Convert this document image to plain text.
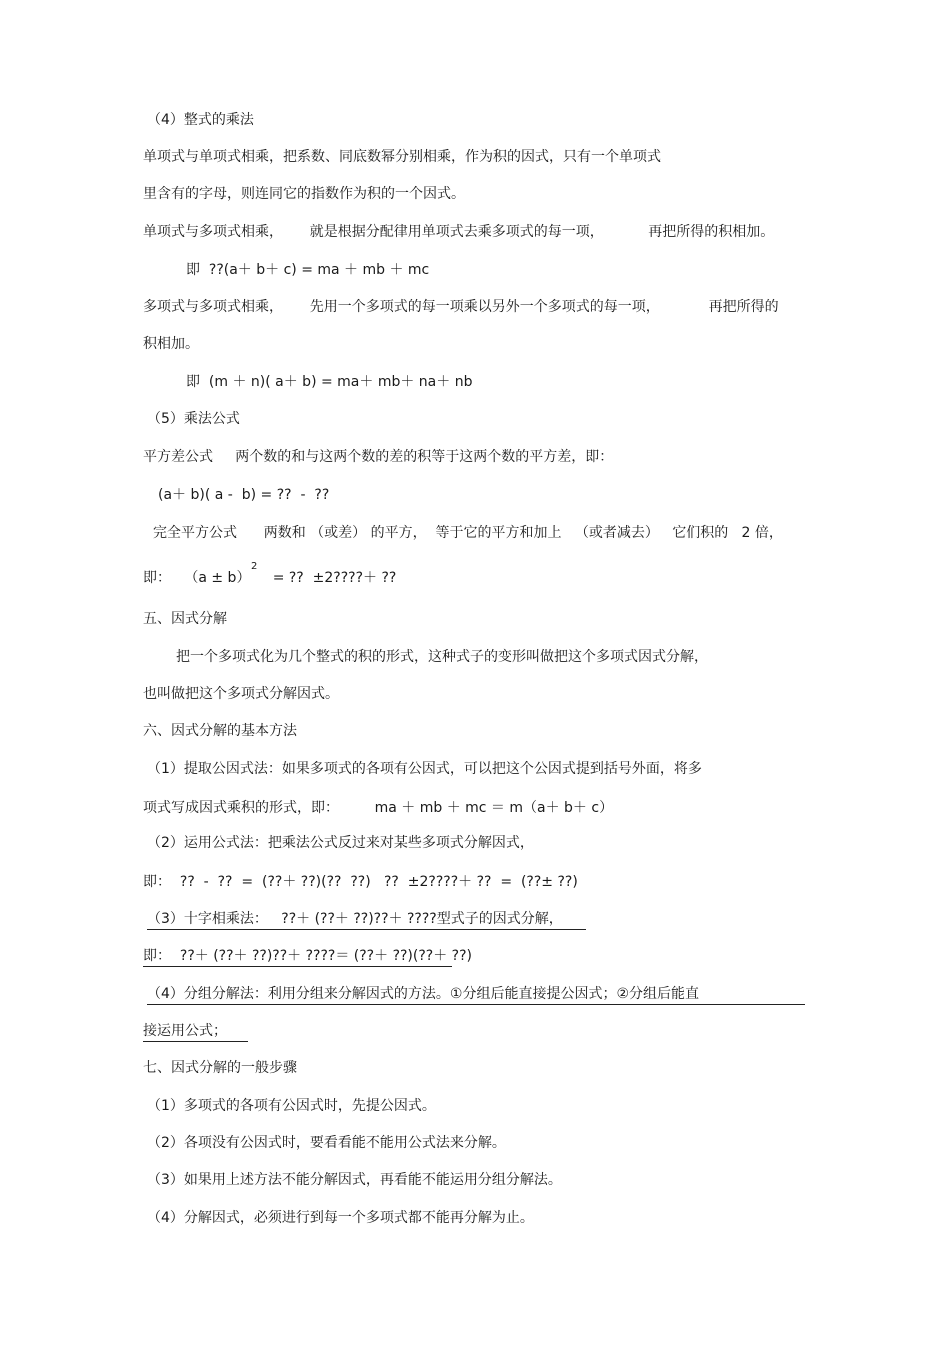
（4）整式的乘法
单项式与单项式相乘，把系数、同底数幂分别相乘，作为积的因式，只有一个单项式
里含有的字母，则连同它的指数作为积的一个因式。
单项式与多项式相乘，      就是根据分配律用单项式去乘多项式的每一项，          再把所得的积相加。
即  ??(a＋ b＋ c) = ma ＋ mb ＋ mc
多项式与多项式相乘，      先用一个多项式的每一项乘以另外一个多项式的每一项，           再把所得的
积相加。
即  (m ＋ n)( a＋ b) = ma＋ mb＋ na＋ nb
（5）乘法公式
平方差公式     两个数的和与这两个数的差的积等于这两个数的平方差，即：
(a＋ b)( a -  b) = ??  -  ??
完全平方公式      两数和 （或差） 的平方，  等于它的平方和加上   （或者减去）   它们积的   2 倍，
即：   （a ± b）     = ??  ±2????＋ ??
2
五、因式分解
把一个多项式化为几个整式的积的形式，这种式子的变形叫做把这个多项式因式分解，
也叫做把这个多项式分解因式。
六、因式分解的基本方法
（1）提取公因式法：如果多项式的各项有公因式，可以把这个公因式提到括号外面，将多
项式写成因式乘积的形式，即：        ma ＋ mb ＋ mc ＝ m（a＋ b＋ c）
（2）运用公式法：把乘法公式反过来对某些多项式分解因式，
即：  ??  -  ??  =  (??＋ ??)(??  ??)   ??  ±2????＋ ??  =  (??± ??)
（3）十字相乘法：   ??＋ (??＋ ??)??＋ ????型式子的因式分解，
即：  ??＋ (??＋ ??)??＋ ????＝ (??＋ ??)(??＋ ??)
（4）分组分解法：利用分组来分解因式的方法。①分组后能直接提公因式；②分组后能直
接运用公式；
七、因式分解的一般步骤
（1）多项式的各项有公因式时，先提公因式。
（2）各项没有公因式时，要看看能不能用公式法来分解。
（3）如果用上述方法不能分解因式，再看能不能运用分组分解法。
（4）分解因式，必须进行到每一个多项式都不能再分解为止。
